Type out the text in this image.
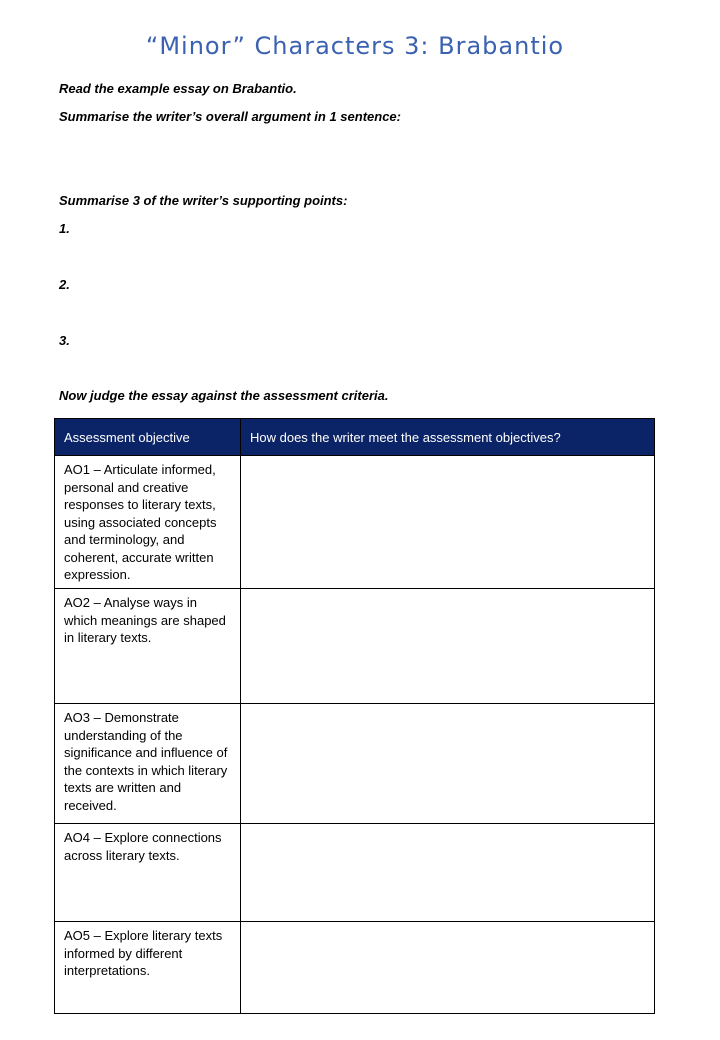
“Minor” Characters 3: Brabantio
Read the example essay on Brabantio.
Summarise the writer’s overall argument in 1 sentence:
Summarise 3 of the writer’s supporting points:
1.
2.
3.
Now judge the essay against the assessment criteria.
Assessment objective	How does the writer meet the assessment objectives?
AO1 – Articulate informed, personal and creative responses to literary texts, using associated concepts and terminology, and coherent, accurate written expression.	
AO2 – Analyse ways in which meanings are shaped in literary texts.	
AO3 – Demonstrate understanding of the significance and influence of the contexts in which literary texts are written and received.	
AO4 – Explore connections across literary texts.	
AO5 – Explore literary texts informed by different interpretations.	
